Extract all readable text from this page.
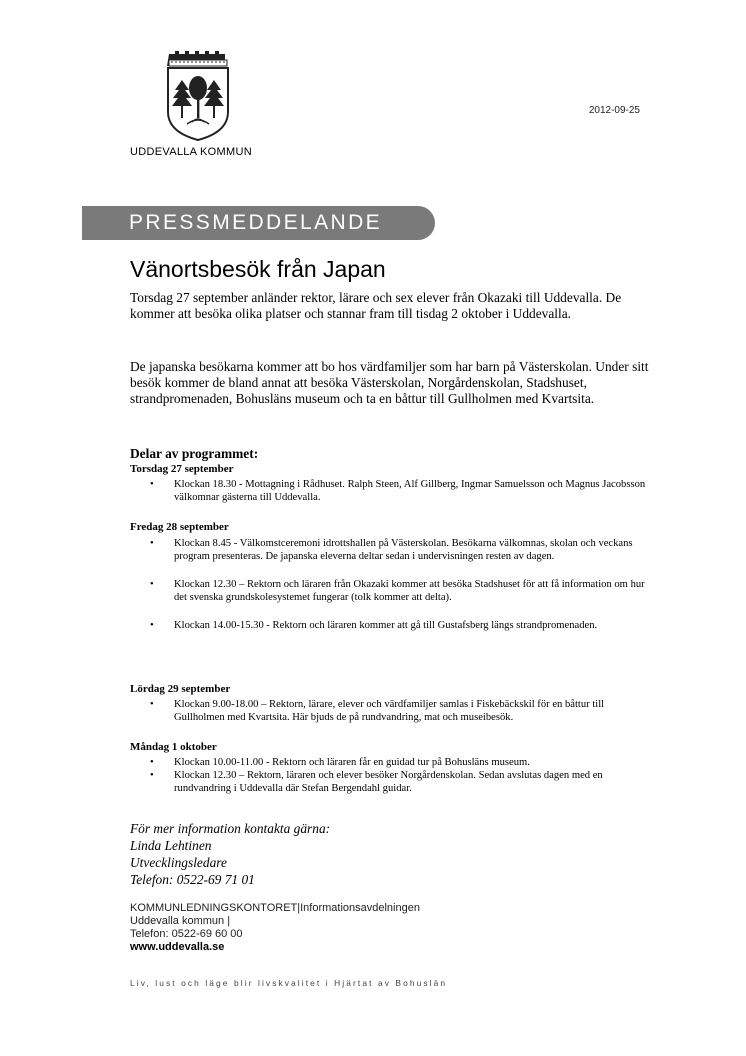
UDDEVALLA KOMMUN
2012-09-25
PRESSMEDDELANDE
Vänortsbesök från Japan
Torsdag 27 september anländer rektor, lärare och sex elever från Okazaki till Uddevalla. De kommer att besöka olika platser och stannar fram till tisdag 2 oktober i Uddevalla.
De japanska besökarna kommer att bo hos värdfamiljer som har barn på Västerskolan. Under sitt besök kommer de bland annat att besöka Västerskolan, Norgårdenskolan, Stadshuset, strandpromenaden, Bohusläns museum och ta en båttur till Gullholmen med Kvartsita.
Delar av programmet:
Torsdag 27 september
• Klockan 18.30 - Mottagning i Rådhuset. Ralph Steen, Alf Gillberg, Ingmar Samuelsson och Magnus Jacobsson välkomnar gästerna till Uddevalla.
Fredag 28 september
• Klockan 8.45 - Välkomstceremoni idrottshallen på Västerskolan. Besökarna välkomnas, skolan och veckans program presenteras. De japanska eleverna deltar sedan i undervisningen resten av dagen.
• Klockan 12.30 – Rektorn och läraren från Okazaki kommer att besöka Stadshuset för att få information om hur det svenska grundskolesystemet fungerar (tolk kommer att delta).
• Klockan 14.00-15.30 - Rektorn och läraren kommer att gå till Gustafsberg längs strandpromenaden.
Lördag 29 september
• Klockan 9.00-18.00 – Rektorn, lärare, elever och värdfamiljer samlas i Fiskebäckskil för en båttur till Gullholmen med Kvartsita. Här bjuds de på rundvandring, mat och museibesök.
Måndag 1 oktober
• Klockan 10.00-11.00 - Rektorn och läraren får en guidad tur på Bohusläns museum.
• Klockan 12.30 – Rektorn, läraren och elever besöker Norgårdenskolan. Sedan avslutas dagen med en rundvandring i Uddevalla där Stefan Bergendahl guidar.
För mer information kontakta gärna:
Linda Lehtinen
Utvecklingsledare
Telefon: 0522-69 71 01
KOMMUNLEDNINGSKONTORET|Informationsavdelningen
Uddevalla kommun |
Telefon: 0522-69 60 00
www.uddevalla.se
Liv, lust och läge blir livskvalitet i Hjärtat av Bohuslän
